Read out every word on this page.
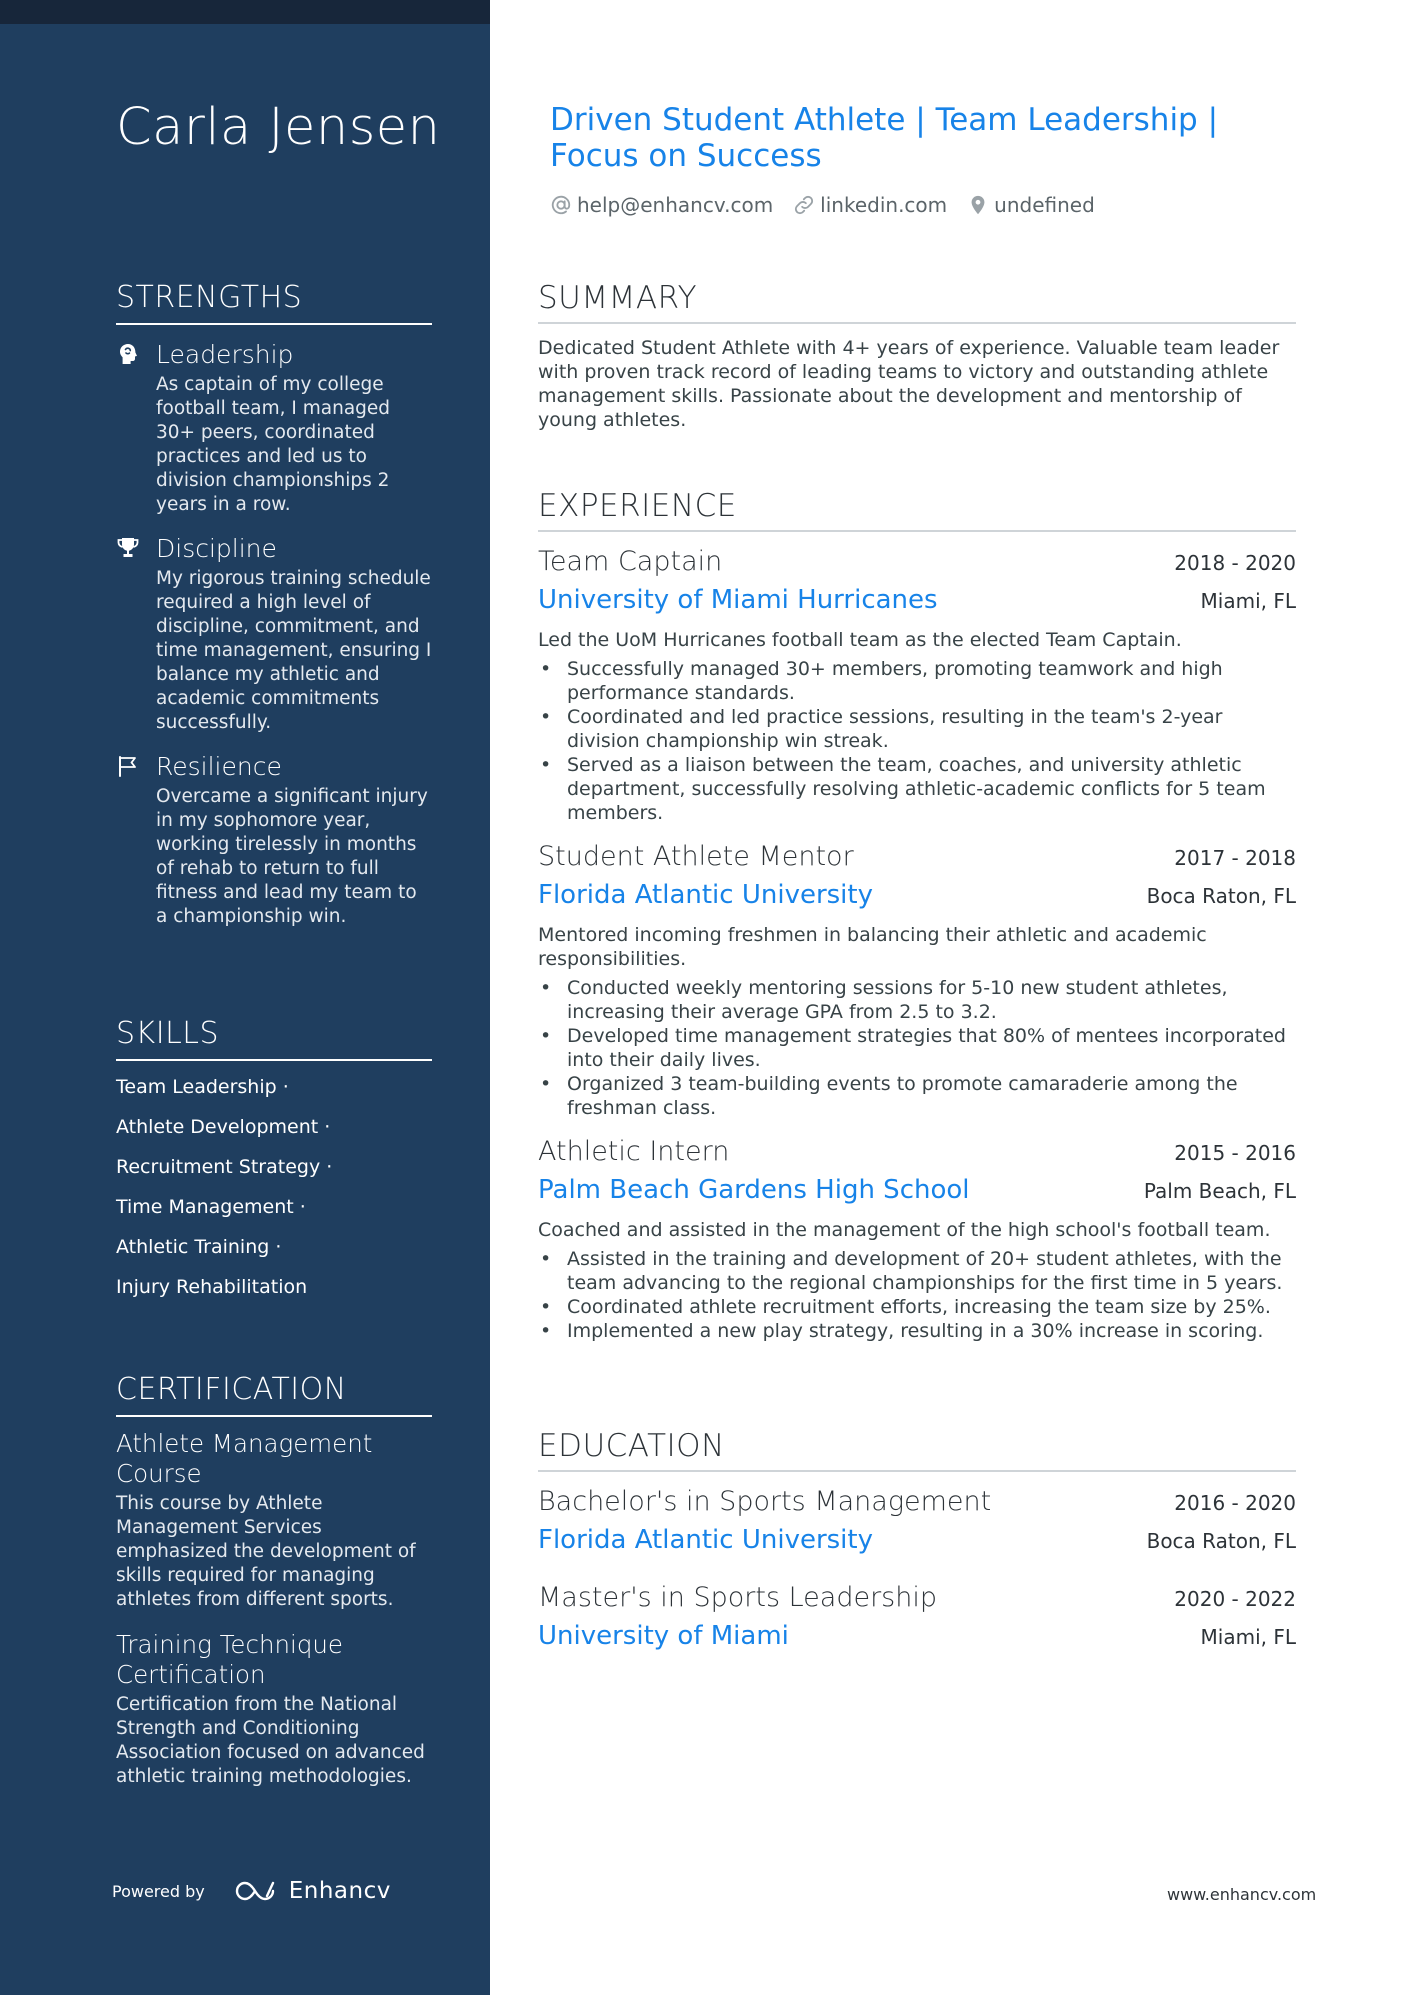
Carla Jensen
STRENGTHS
Leadership
As captain of my college football team, I managed 30+ peers, coordinated practices and led us to division championships 2 years in a row.
Discipline
My rigorous training schedule required a high level of discipline, commitment, and time management, ensuring I balance my athletic and academic commitments successfully.
Resilience
Overcame a significant injury in my sophomore year, working tirelessly in months of rehab to return to full fitness and lead my team to a championship win.
SKILLS
Team Leadership ·
Athlete Development ·
Recruitment Strategy ·
Time Management ·
Athletic Training ·
Injury Rehabilitation
CERTIFICATION
Athlete Management Course
This course by Athlete Management Services emphasized the development of skills required for managing athletes from different sports.
Training Technique Certification
Certification from the National Strength and Conditioning Association focused on advanced athletic training methodologies.
Powered by	Enhancv
Driven Student Athlete | Team Leadership | Focus on Success
help@enhancv.com linkedin.com undefined
SUMMARY
Dedicated Student Athlete with 4+ years of experience. Valuable team leader with proven track record of leading teams to victory and outstanding athlete management skills. Passionate about the development and mentorship of young athletes.
EXPERIENCE
Team Captain	2018 - 2020
University of Miami Hurricanes	Miami, FL
Led the UoM Hurricanes football team as the elected Team Captain.
• Successfully managed 30+ members, promoting teamwork and high performance standards.
• Coordinated and led practice sessions, resulting in the team's 2-year division championship win streak.
• Served as a liaison between the team, coaches, and university athletic department, successfully resolving athletic-academic conflicts for 5 team members.
Student Athlete Mentor	2017 - 2018
Florida Atlantic University	Boca Raton, FL
Mentored incoming freshmen in balancing their athletic and academic responsibilities.
• Conducted weekly mentoring sessions for 5-10 new student athletes, increasing their average GPA from 2.5 to 3.2.
• Developed time management strategies that 80% of mentees incorporated into their daily lives.
• Organized 3 team-building events to promote camaraderie among the freshman class.
Athletic Intern	2015 - 2016
Palm Beach Gardens High School	Palm Beach, FL
Coached and assisted in the management of the high school's football team.
• Assisted in the training and development of 20+ student athletes, with the team advancing to the regional championships for the first time in 5 years.
• Coordinated athlete recruitment efforts, increasing the team size by 25%.
• Implemented a new play strategy, resulting in a 30% increase in scoring.
EDUCATION
Bachelor's in Sports Management	2016 - 2020
Florida Atlantic University	Boca Raton, FL
Master's in Sports Leadership	2020 - 2022
University of Miami	Miami, FL
www.enhancv.com
